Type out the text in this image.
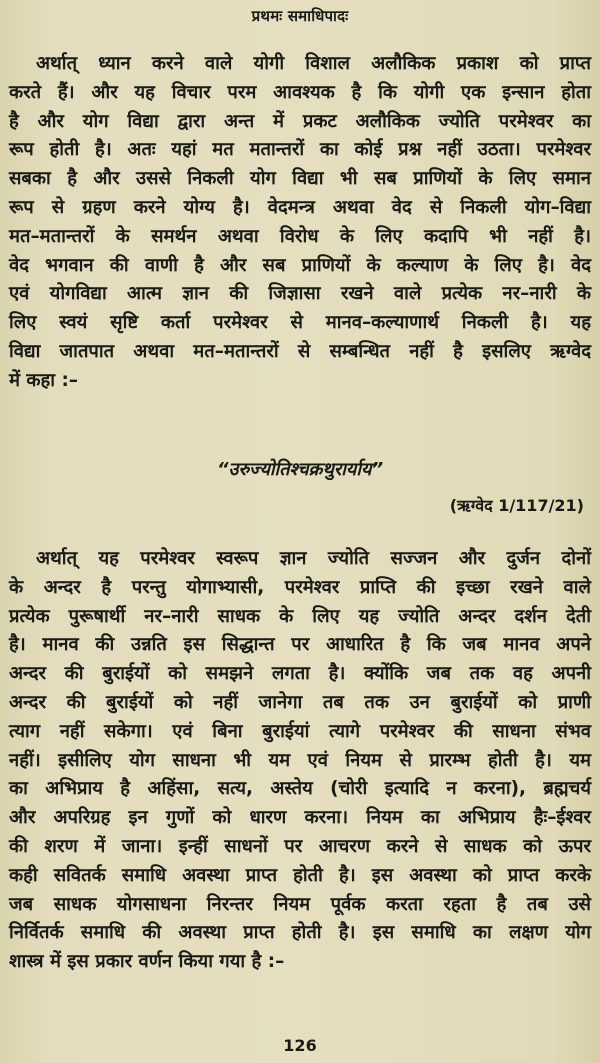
प्रथमः समाधिपादः
अर्थात् ध्यान करने वाले योगी विशाल अलौकिक प्रकाश को प्राप्त
करते हैं। और यह विचार परम आवश्यक है कि योगी एक इन्सान होता
है और योग विद्या द्वारा अन्त में प्रकट अलौकिक ज्योति परमेश्वर का
रूप होती है। अतः यहां मत मतान्तरों का कोई प्रश्न नहीं उठता। परमेश्वर
सबका है और उससे निकली योग विद्या भी सब प्राणियों के लिए समान
रूप से ग्रहण करने योग्य है। वेदमन्त्र अथवा वेद से निकली योग–विद्या
मत–मतान्तरों के समर्थन अथवा विरोध के लिए कदापि भी नहीं है।
वेद भगवान की वाणी है और सब प्राणियों के कल्याण के लिए है। वेद
एवं योगविद्या आत्म ज्ञान की जिज्ञासा रखने वाले प्रत्येक नर–नारी के
लिए स्वयं सृष्टि कर्ता परमेश्वर से मानव–कल्याणार्थ निकली है। यह
विद्या जातपात अथवा मत–मतान्तरों से सम्बन्धित नहीं है इसलिए ऋग्वेद
में कहा :–
“उरुज्योतिश्चक्रथुरार्याय”
(ऋग्वेद 1/117/21)
अर्थात् यह परमेश्वर स्वरूप ज्ञान ज्योति सज्जन और दुर्जन दोनों
के अन्दर है परन्तु योगाभ्यासी, परमेश्वर प्राप्ति की इच्छा रखने वाले
प्रत्येक पुरूषार्थी नर–नारी साधक के लिए यह ज्योति अन्दर दर्शन देती
है। मानव की उन्नति इस सिद्धान्त पर आधारित है कि जब मानव अपने
अन्दर की बुराईयों को समझने लगता है। क्योंकि जब तक वह अपनी
अन्दर की बुराईयों को नहीं जानेगा तब तक उन बुराईयों को प्राणी
त्याग नहीं सकेगा। एवं बिना बुराईयां त्यागे परमेश्वर की साधना संभव
नहीं। इसीलिए योग साधना भी यम एवं नियम से प्रारम्भ होती है। यम
का अभिप्राय है अहिंसा, सत्य, अस्तेय (चोरी इत्यादि न करना), ब्रह्मचर्य
और अपरिग्रह इन गुणों को धारण करना। नियम का अभिप्राय हैः–ईश्वर
की शरण में जाना। इन्हीं साधनों पर आचरण करने से साधक को ऊपर
कही सवितर्क समाधि अवस्था प्राप्त होती है। इस अवस्था को प्राप्त करके
जब साधक योगसाधना निरन्तर नियम पूर्वक करता रहता है तब उसे
निर्वितर्क समाधि की अवस्था प्राप्त होती है। इस समाधि का लक्षण योग
शास्त्र में इस प्रकार वर्णन किया गया है :–
126
